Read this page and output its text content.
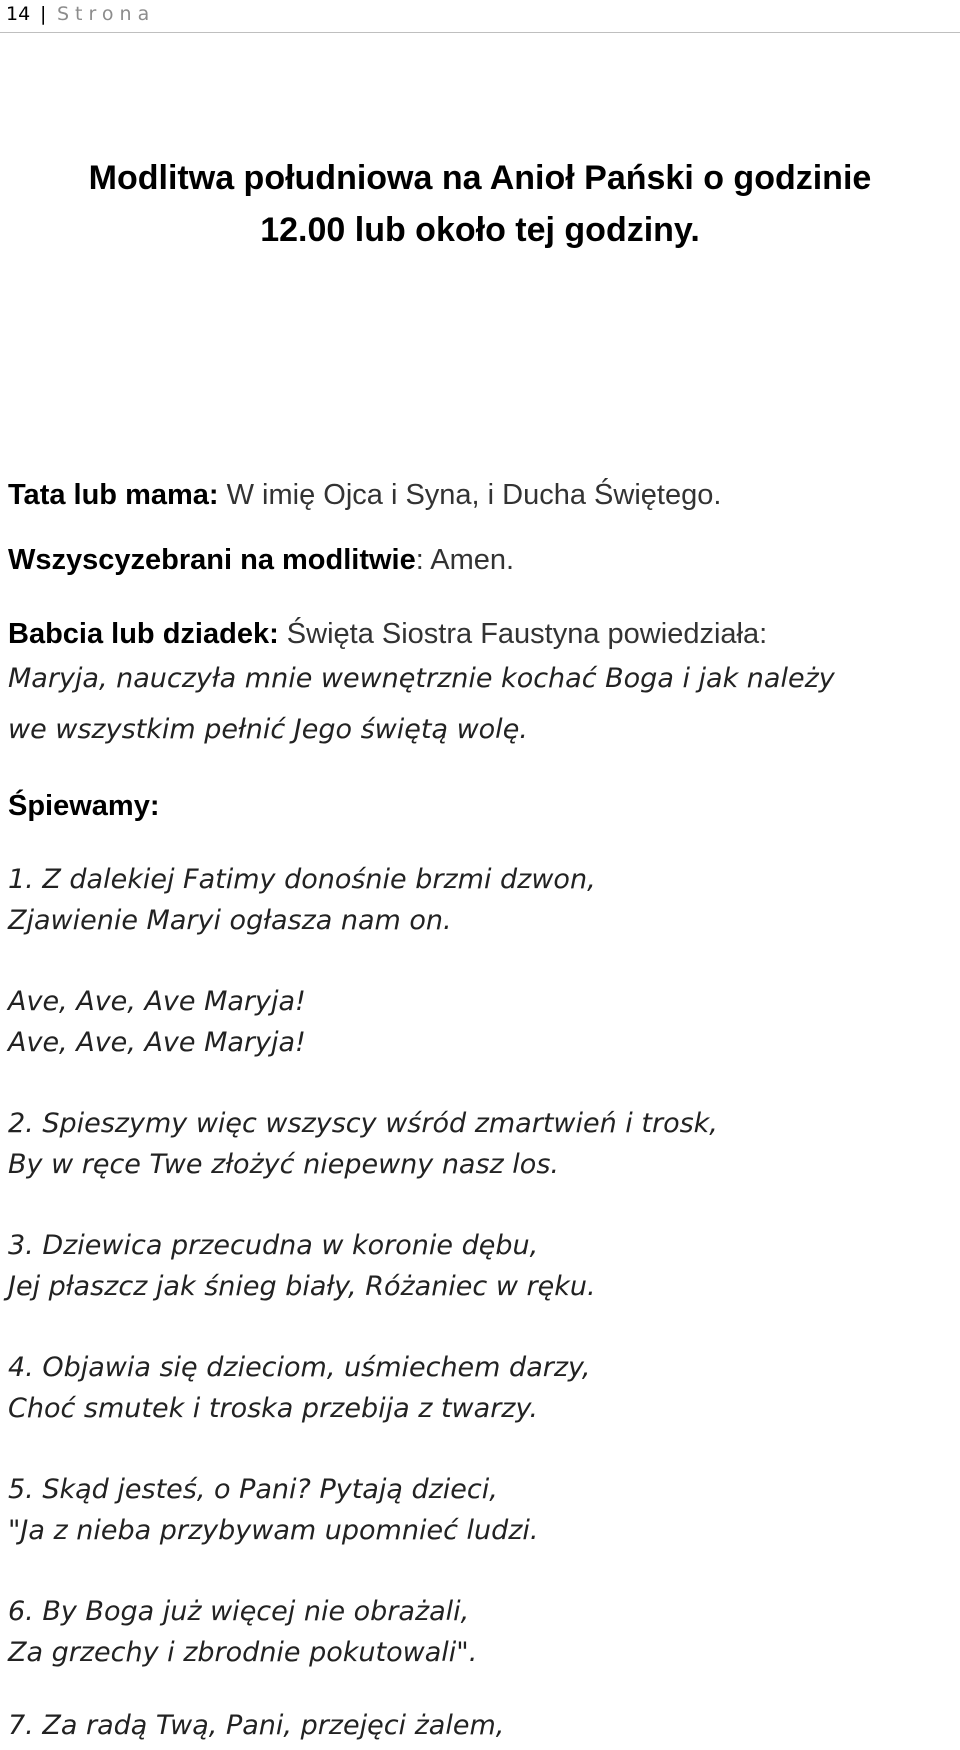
14 | Strona
Modlitwa południowa na Anioł Pański o godzinie
12.00 lub około tej godziny.
Tata lub mama: W imię Ojca i Syna, i Ducha Świętego.
Wszyscyzebrani na modlitwie: Amen.
Babcia lub dziadek: Święta Siostra Faustyna powiedziała:
Maryja, nauczyła mnie wewnętrznie kochać Boga i jak należy
we wszystkim pełnić Jego świętą wolę.
Śpiewamy:
1. Z dalekiej Fatimy donośnie brzmi dzwon,
Zjawienie Maryi ogłasza nam on.
Ave, Ave, Ave Maryja!
Ave, Ave, Ave Maryja!
2. Spieszymy więc wszyscy wśród zmartwień i trosk,
By w ręce Twe złożyć niepewny nasz los.
3. Dziewica przecudna w koronie dębu,
Jej płaszcz jak śnieg biały, Różaniec w ręku.
4. Objawia się dzieciom, uśmiechem darzy,
Choć smutek i troska przebija z twarzy.
5. Skąd jesteś, o Pani? Pytają dzieci,
"Ja z nieba przybywam upomnieć ludzi.
6. By Boga już więcej nie obrażali,
Za grzechy i zbrodnie pokutowali".
7. Za radą Twą, Pani, przejęci żalem,
